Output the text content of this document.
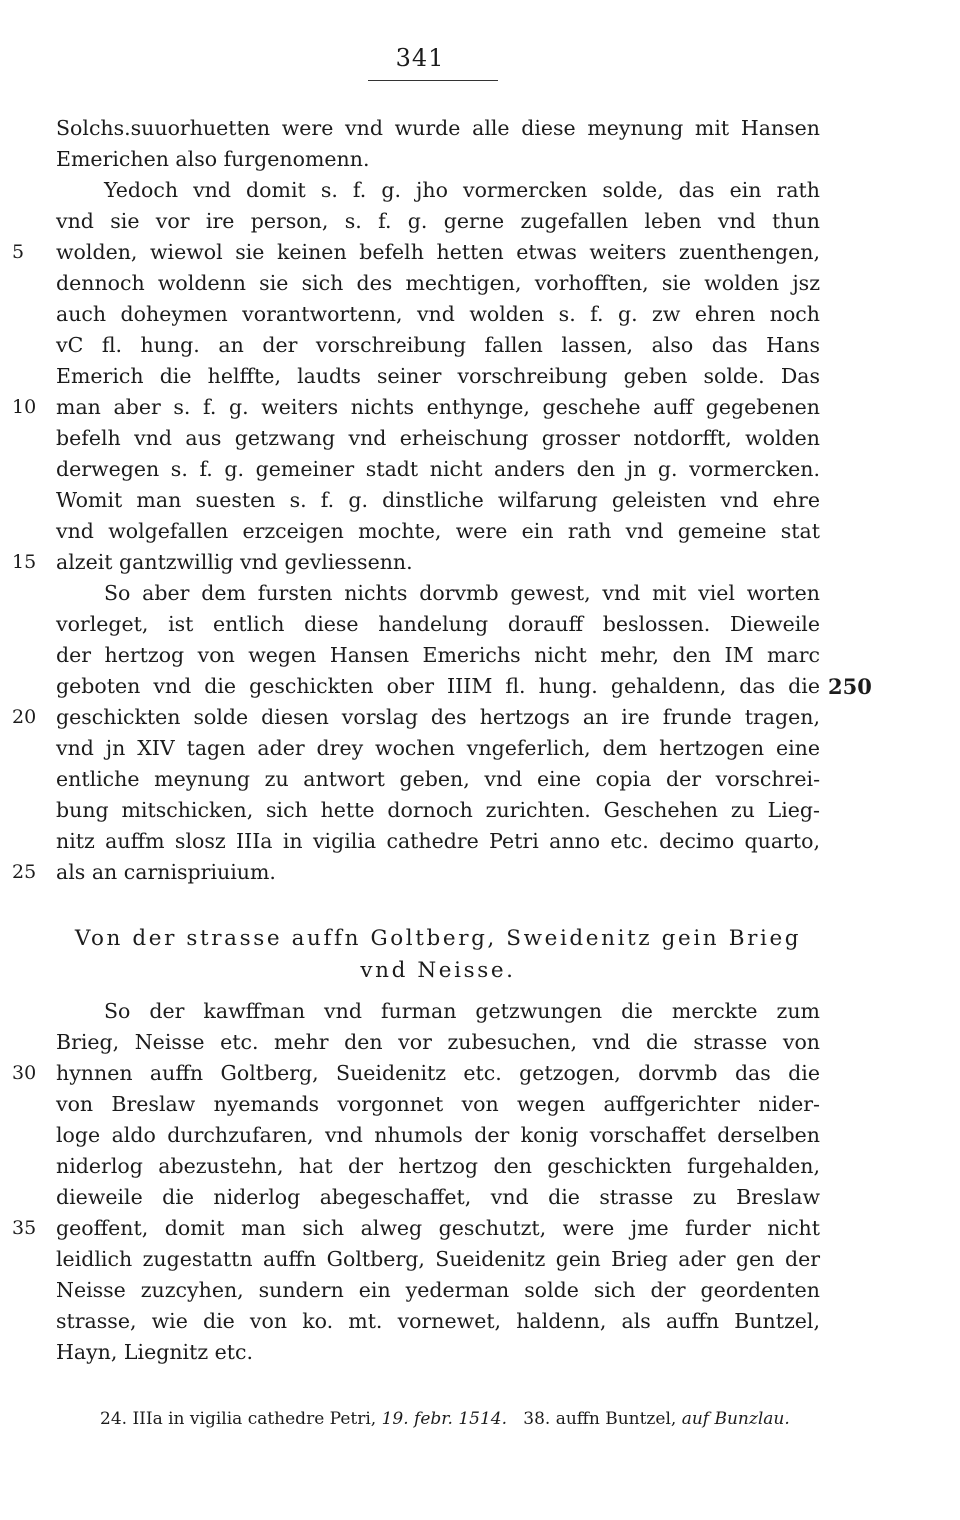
341
Solchs.suuorhuetten were vnd wurde alle diese meynung mit Hansen
Emerichen also furgenomenn.
Yedoch vnd domit s. f. g. jho vormercken solde, das ein rath
vnd sie vor ire person, s. f. g. gerne zugefallen leben vnd thun
5	wolden, wiewol sie keinen befelh hetten etwas weiters zuenthengen,
dennoch woldenn sie sich des mechtigen, vorhofften, sie wolden jsz
auch doheymen vorantwortenn, vnd wolden s. f. g. zw ehren noch
vC fl. hung. an der vorschreibung fallen lassen, also das Hans
Emerich die helffte, laudts seiner vorschreibung geben solde. Das
10 man aber s. f. g. weiters nichts enthynge, geschehe auff gegebenen
befelh vnd aus getzwang vnd erheischung grosser notdorfft, wolden
derwegen s. f. g. gemeiner stadt nicht anders den jn g. vormercken.
Womit man suesten s. f. g. dinstliche wilfarung geleisten vnd ehre
vnd wolgefallen erzceigen mochte, were ein rath vnd gemeine stat
15 alzeit gantzwillig vnd gevliessenn.
So aber dem fursten nichts dorvmb gewest, vnd mit viel worten
vorleget, ist entlich diese handelung dorauff beslossen. Dieweile
der hertzog von wegen Hansen Emerichs nicht mehr, den IM marc
geboten vnd die geschickten ober IIIM fl. hung. gehaldenn, das die
20 geschickten solde diesen vorslag des hertzogs an ire frunde tragen,
vnd jn XIV tagen ader drey wochen vngeferlich, dem hertzogen eine
entliche meynung zu antwort geben, vnd eine copia der vorschrei-
bung mitschicken, sich hette dornoch zurichten. Geschehen zu Lieg-
nitz auffm slosz IIIa in vigilia cathedre Petri anno etc. decimo quarto,
25 als an carnispriuium.
250
Von der strasse auffn Goltberg, Sweidenitz gein Brieg
vnd Neisse.
So der kawffman vnd furman getzwungen die merckte zum
Brieg, Neisse etc. mehr den vor zubesuchen, vnd die strasse von
30 hynnen auffn Goltberg, Sueidenitz etc. getzogen, dorvmb das die
von Breslaw nyemands vorgonnet von wegen auffgerichter nider-
loge aldo durchzufaren, vnd nhumols der konig vorschaffet derselben
niderlog abezustehn, hat der hertzog den geschickten furgehalden,
dieweile die niderlog abegeschaffet, vnd die strasse zu Breslaw
35 geoffent, domit man sich alweg geschutzt, were jme furder nicht
leidlich zugestattn auffn Goltberg, Sueidenitz gein Brieg ader gen der
Neisse zuzcyhen, sundern ein yederman solde sich der geordenten
strasse, wie die von ko. mt. vornewet, haldenn, als auffn Buntzel,
Hayn, Liegnitz etc.
24. IIIa in vigilia cathedre Petri, 19. febr. 1514. 38. auffn Buntzel, auf Bunzlau.
